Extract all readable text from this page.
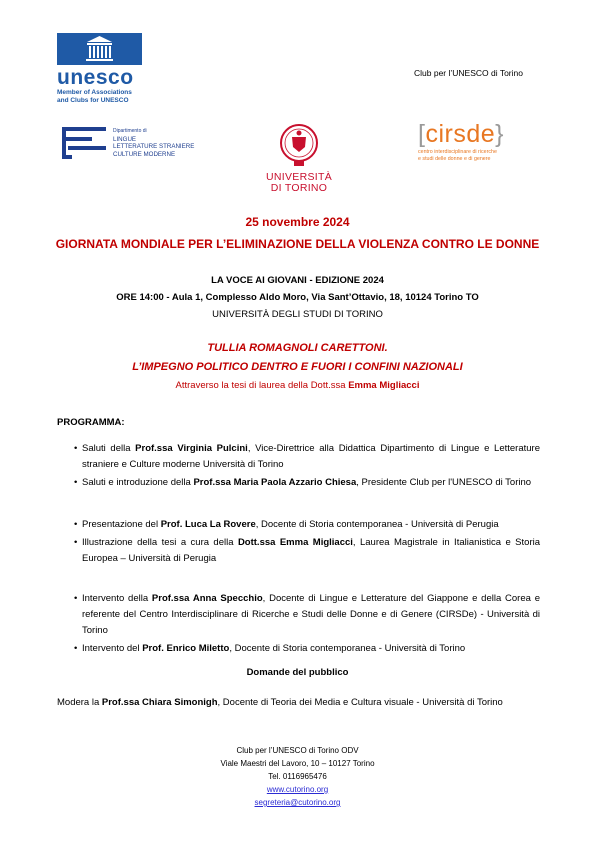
unesco
Member of Associations
and Clubs for UNESCO
Club per l’UNESCO di Torino
Dipartimento di
LINGUE
LETTERATURE STRANIERE
CULTURE MODERNE
UNIVERSITÀ
DI TORINO
[cirsde}
centro interdisciplinare di ricerche
e studi delle donne e di genere
25 novembre 2024
GIORNATA MONDIALE PER L’ELIMINAZIONE DELLA VIOLENZA CONTRO LE DONNE
LA VOCE AI GIOVANI - EDIZIONE 2024
ORE 14:00 - Aula 1, Complesso Aldo Moro, Via Sant’Ottavio, 18, 10124 Torino TO
UNIVERSITÀ DEGLI STUDI DI TORINO
TULLIA ROMAGNOLI CARETTONI.
L’IMPEGNO POLITICO DENTRO E FUORI I CONFINI NAZIONALI
Attraverso la tesi di laurea della Dott.ssa Emma Migliacci
PROGRAMMA:
• Saluti della Prof.ssa Virginia Pulcini, Vice-Direttrice alla Didattica Dipartimento di Lingue e Letterature straniere e Culture moderne Università di Torino
• Saluti e introduzione della Prof.ssa Maria Paola Azzario Chiesa, Presidente Club per l'UNESCO di Torino
• Presentazione del Prof. Luca La Rovere, Docente di Storia contemporanea - Università di Perugia
• Illustrazione della tesi a cura della Dott.ssa Emma Migliacci, Laurea Magistrale in Italianistica e Storia Europea – Università di Perugia
• Intervento della Prof.ssa Anna Specchio, Docente di Lingue e Letterature del Giappone e della Corea e referente del Centro Interdisciplinare di Ricerche e Studi delle Donne e di Genere (CIRSDe) - Università di Torino
• Intervento del Prof. Enrico Miletto, Docente di Storia contemporanea - Università di Torino
Domande del pubblico
Modera la Prof.ssa Chiara Simonigh, Docente di Teoria dei Media e Cultura visuale - Università di Torino
Club per l’UNESCO di Torino ODV
Viale Maestri del Lavoro, 10 – 10127 Torino
Tel. 0116965476
www.cutorino.org
segreteria@cutorino.org
